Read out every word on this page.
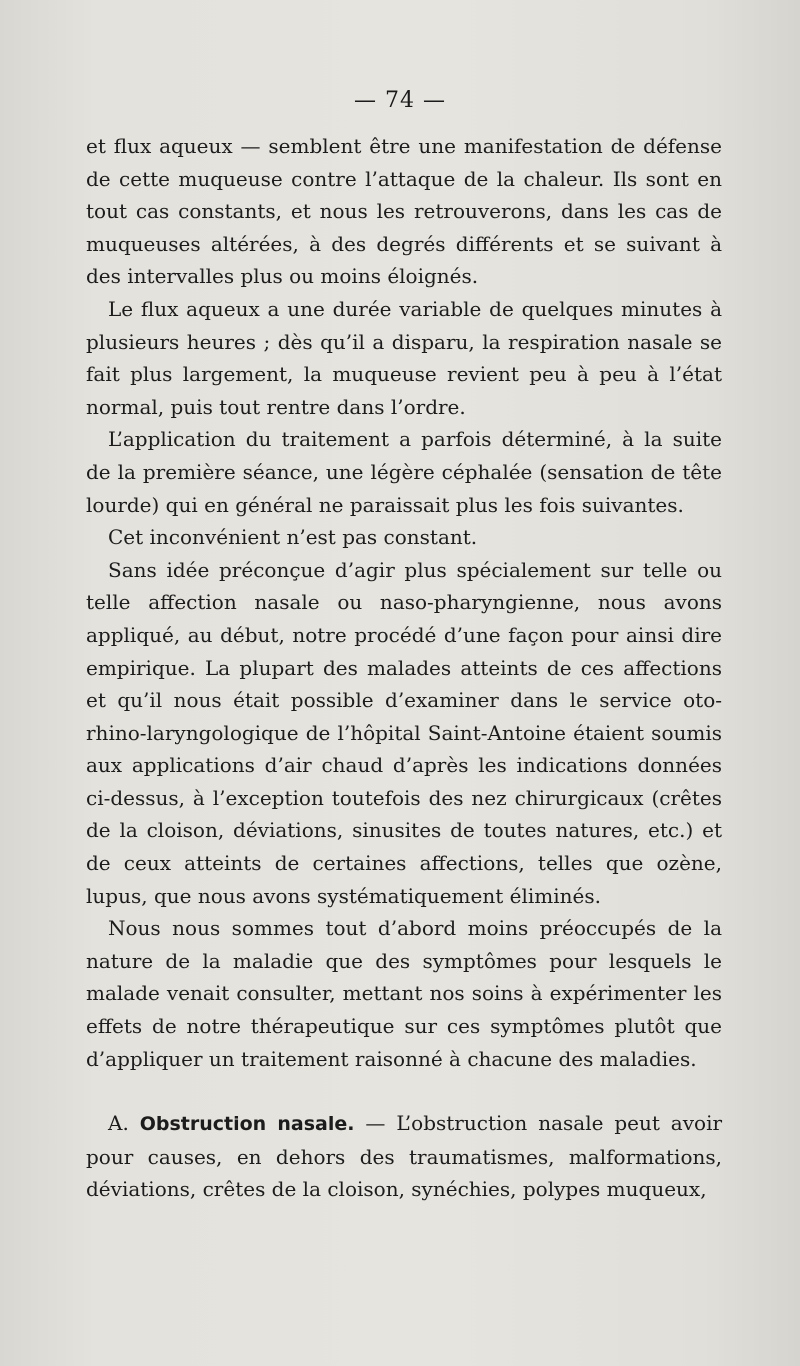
— 74 —

et flux aqueux — semblent être une manifestation de défense de cette muqueuse contre l’attaque de la chaleur. Ils sont en tout cas constants, et nous les retrouverons, dans les cas de muqueuses altérées, à des degrés différents et se suivant à des intervalles plus ou moins éloignés.

Le flux aqueux a une durée variable de quelques minutes à plusieurs heures ; dès qu’il a disparu, la respiration nasale se fait plus largement, la muqueuse revient peu à peu à l’état normal, puis tout rentre dans l’ordre.

L’application du traitement a parfois déterminé, à la suite de la première séance, une légère céphalée (sensation de tête lourde) qui en général ne paraissait plus les fois suivantes.

Cet inconvénient n’est pas constant.

Sans idée préconçue d’agir plus spécialement sur telle ou telle affection nasale ou naso-pharyngienne, nous avons appliqué, au début, notre procédé d’une façon pour ainsi dire empirique. La plupart des malades atteints de ces affections et qu’il nous était possible d’examiner dans le service oto-rhino-laryngologique de l’hôpital Saint-Antoine étaient soumis aux applications d’air chaud d’après les indications données ci-dessus, à l’exception toutefois des nez chirurgicaux (crêtes de la cloison, déviations, sinusites de toutes natures, etc.) et de ceux atteints de certaines affections, telles que ozène, lupus, que nous avons systématiquement éliminés.

Nous nous sommes tout d’abord moins préoccupés de la nature de la maladie que des symptômes pour lesquels le malade venait consulter, mettant nos soins à expérimenter les effets de notre thérapeutique sur ces symptômes plutôt que d’appliquer un traitement raisonné à chacune des maladies.

A. Obstruction nasale. — L’obstruction nasale peut avoir pour causes, en dehors des traumatismes, malformations, déviations, crêtes de la cloison, synéchies, polypes muqueux,
